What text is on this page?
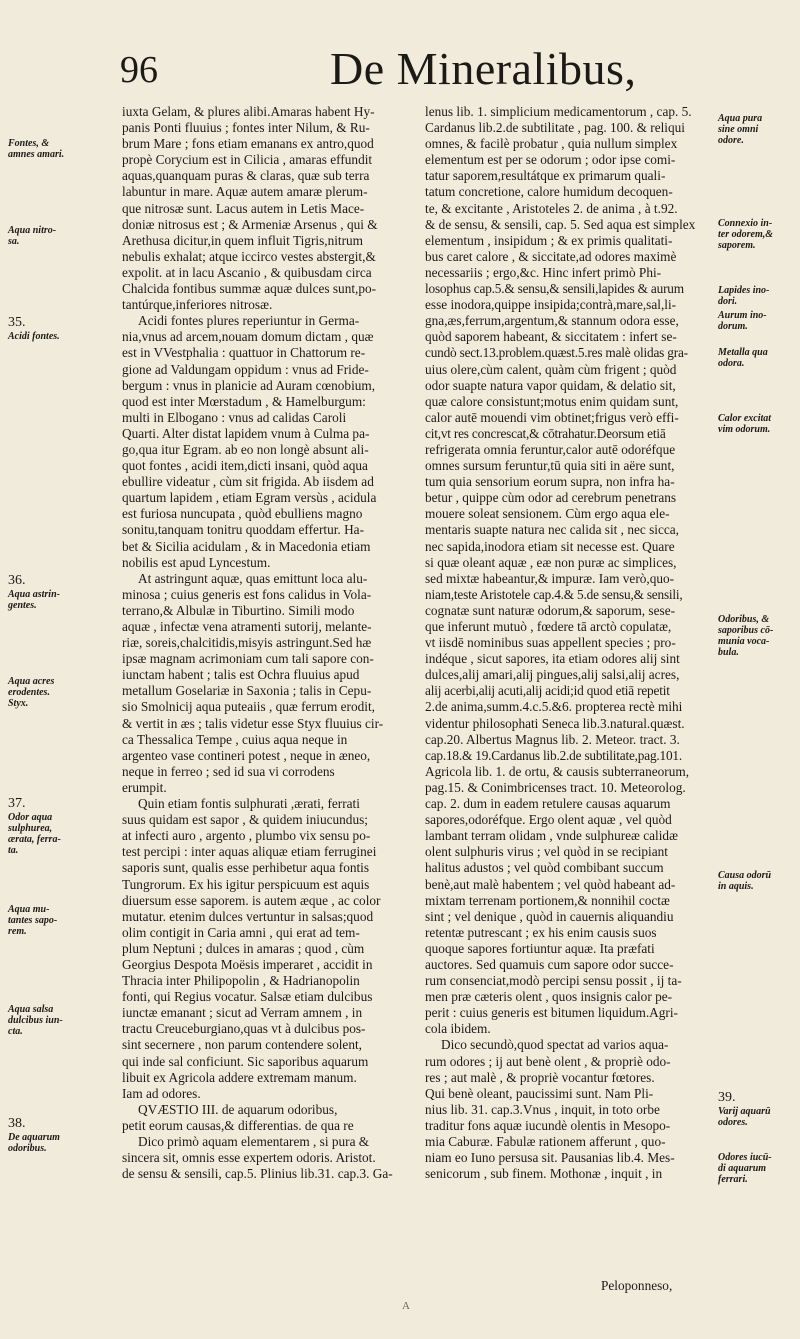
96	De Mineralibus,

iuxta Gelam, & plures alibi.Amaras habent Hy-

panis Ponti fluuius ; fontes inter Nilum, & Ru-

brum Mare ; fons etiam emanans ex antro,quod

propè Corycium est in Cilicia , amaras effundit

aquas,quanquam puras & claras, quæ sub terra

labuntur in mare. Aquæ autem amaræ plerum-

que nitrosæ sunt. Lacus autem in Letis Mace-

doniæ nitrosus est ; & Armeniæ Arsenus , qui &

Arethusa dicitur,in quem influit Tigris,nitrum

nebulis exhalat; atque iccirco vestes abstergit,&

expolit. at in lacu Ascanio , & quibusdam circa

Chalcida fontibus summæ aquæ dulces sunt,po-

tantúrque,inferiores nitrosæ.

Acidi fontes plures reperiuntur in Germa-

nia,vnus ad arcem,nouam domum dictam , quæ

est in VVestphalia : quattuor in Chattorum re-

gione ad Valdungam oppidum : vnus ad Fride-

bergum : vnus in planicie ad Auram cœnobium,

quod est inter Mœrstadum , & Hamelburgum:

multi in Elbogano : vnus ad calidas Caroli

Quarti. Alter distat lapidem vnum à Culma pa-

go,qua itur Egram. ab eo non longè absunt ali-

quot fontes , acidi item,dicti insani, quòd aqua

ebullire videatur , cùm sit frigida. Ab iisdem ad

quartum lapidem , etiam Egram versùs , acidula

est furiosa nuncupata , quòd ebulliens magno

sonitu,tanquam tonitru quoddam effertur. Ha-

bet & Sicilia acidulam , & in Macedonia etiam

nobilis est apud Lyncestum.

At astringunt aquæ, quas emittunt loca alu-

minosa ; cuius generis est fons calidus in Vola-

terrano,& Albulæ in Tiburtino. Simili modo

aquæ , infectæ vena atramenti sutorij, melante-

riæ, soreis,chalcitidis,misyis astringunt.Sed hæ

ipsæ magnam acrimoniam cum tali sapore con-

iunctam habent ; talis est Ochra fluuius apud

metallum Goselariæ in Saxonia ; talis in Cepu-

sio Smolnicij aqua puteaiis , quæ ferrum erodit,

& vertit in æs ; talis videtur esse Styx fluuius cir-

ca Thessalica Tempe , cuius aqua neque in

argenteo vase contineri potest , neque in æneo,

neque in ferreo ; sed id sua vi corrodens

erumpit.

Quin etiam fontis sulphurati ,ærati, ferrati

suus quidam est sapor , & quidem iniucundus;

at infecti auro , argento , plumbo vix sensu po-

test percipi : inter aquas aliquæ etiam ferruginei

saporis sunt, qualis esse perhibetur aqua fontis

Tungrorum. Ex his igitur perspicuum est aquis

diuersum esse saporem. is autem æque , ac color

mutatur. etenim dulces vertuntur in salsas;quod

olim contigit in Caria amni , qui erat ad tem-

plum Neptuni ; dulces in amaras ; quod , cùm

Georgius Despota Moësis imperaret , accidit in

Thracia inter Philipopolin , & Hadrianopolin

fonti, qui Regius vocatur. Salsæ etiam dulcibus

iunctæ emanant ; sicut ad Verram amnem , in

tractu Creuceburgiano,quas vt à dulcibus pos-

sint secernere , non parum contendere solent,

qui inde sal conficiunt. Sic saporibus aquarum

libuit ex Agricola addere extremam manum.

Iam ad odores.

QVÆSTIO III. de aquarum odoribus,

petit eorum causas,& differentias. de qua re

Dico primò aquam elementarem , si pura &

sincera sit, omnis esse expertem odoris. Aristot.

de sensu & sensili, cap.5. Plinius lib.31. cap.3. Ga-

lenus lib. 1. simplicium medicamentorum , cap. 5.

Cardanus lib.2.de subtilitate , pag. 100. & reliqui

omnes, & facilè probatur , quia nullum simplex

elementum est per se odorum ; odor ipse comi-

tatur saporem,resultátque ex primarum quali-

tatum concretione, calore humidum decoquen-

te, & excitante , Aristoteles 2. de anima , à t.92.

& de sensu, & sensili, cap. 5. Sed aqua est simplex

elementum , insipidum ; & ex primis qualitati-

bus caret calore , & siccitate,ad odores maximè

necessariis ; ergo,&c. Hinc infert primò Phi-

losophus cap.5.& sensu,& sensili,lapides & aurum

esse inodora,quippe insipida;contrà,mare,sal,li-

gna,æs,ferrum,argentum,& stannum odora esse,

quòd saporem habeant, & siccitatem : infert se-

cundò sect.13.problem.quæst.5.res malè olidas gra-

uius olere,cùm calent, quàm cùm frigent ; quòd

odor suapte natura vapor quidam, & delatio sit,

quæ calore consistunt;motus enim quidam sunt,

calor autē mouendi vim obtinet;frigus verò effi-

cit,vt res concrescat,& cōtrahatur.Deorsum etiā

refrigerata omnia feruntur,calor autē odoréfque

omnes sursum feruntur,tū quia siti in aëre sunt,

tum quia sensorium eorum supra, non infra ha-

betur , quippe cùm odor ad cerebrum penetrans

mouere soleat sensionem. Cùm ergo aqua ele-

mentaris suapte natura nec calida sit , nec sicca,

nec sapida,inodora etiam sit necesse est. Quare

si quæ oleant aquæ , eæ non puræ ac simplices,

sed mixtæ habeantur,& impuræ. Iam verò,quo-

niam,teste Aristotele cap.4.& 5.de sensu,& sensili,

cognatæ sunt naturæ odorum,& saporum, sese-

que inferunt mutuò , fœdere tā arctò copulatæ,

vt iisdē nominibus suas appellent species ; pro-

indéque , sicut sapores, ita etiam odores alij sint

dulces,alij amari,alij pingues,alij salsi,alij acres,

alij acerbi,alij acuti,alij acidi;id quod etiā repetit

2.de anima,summ.4.c.5.&6. propterea rectè mihi

videntur philosophati Seneca lib.3.natural.quæst.

cap.20. Albertus Magnus lib. 2. Meteor. tract. 3.

cap.18.& 19.Cardanus lib.2.de subtilitate,pag.101.

Agricola lib. 1. de ortu, & causis subterraneorum,

pag.15. & Conimbricenses tract. 10. Meteorolog.

cap. 2. dum in eadem retulere causas aquarum

sapores,odoréfque. Ergo olent aquæ , vel quòd

lambant terram olidam , vnde sulphureæ calidæ

olent sulphuris virus ; vel quòd in se recipiant

halitus adustos ; vel quòd combibant succum

benè,aut malè habentem ; vel quòd habeant ad-

mixtam terrenam portionem,& nonnihil coctæ

sint ; vel denique , quòd in cauernis aliquandiu

retentæ putrescant ; ex his enim causis suos

quoque sapores fortiuntur aquæ. Ita præfati

auctores. Sed quamuis cum sapore odor succe-

rum consenciat,modò percipi sensu possit , ij ta-

men præ cæteris olent , quos insignis calor pe-

perit : cuius generis est bitumen liquidum.Agri-

cola ibidem.

Dico secundò,quod spectat ad varios aqua-

rum odores ; ij aut benè olent , & propriè odo-

res ; aut malè , & propriè vocantur fœtores.

Qui benè oleant, paucissimi sunt. Nam Pli-

nius lib. 31. cap.3.Vnus , inquit, in toto orbe

traditur fons aquæ iucundè olentis in Mesopo-

mia Caburæ. Fabulæ rationem afferunt , quo-

niam eo Iuno persusa sit. Pausanias lib.4. Mes-

senicorum , sub finem. Mothonæ , inquit , in

Fontes, &
amnes amari.
Aqua nitro-
sa.
35.
Acidi fontes.
36.
Aqua astrin-
gentes.
Aqua acres
erodentes.
Styx.
37.
Odor aqua
sulphurea,
ærata, ferra-
ta.
Aqua mu-
tantes sapo-
rem.
Aqua salsa
dulcibus iun-
cta.
38.
De aquarum
odoribus.
Aqua pura
sine omni
odore.
Connexio in-
ter odorem,&
saporem.
Lapides ino-
dori.
Aurum ino-
dorum.
Metalla qua
odora.
Calor excitat
vim odorum.
Odoribus, &
saporibus cō-
munia voca-
bula.
Causa odorū
in aquis.
39.
Varij aquarū
odores.
Odores iucū-
di aquarum
ferrari.
Peloponneso,
A
